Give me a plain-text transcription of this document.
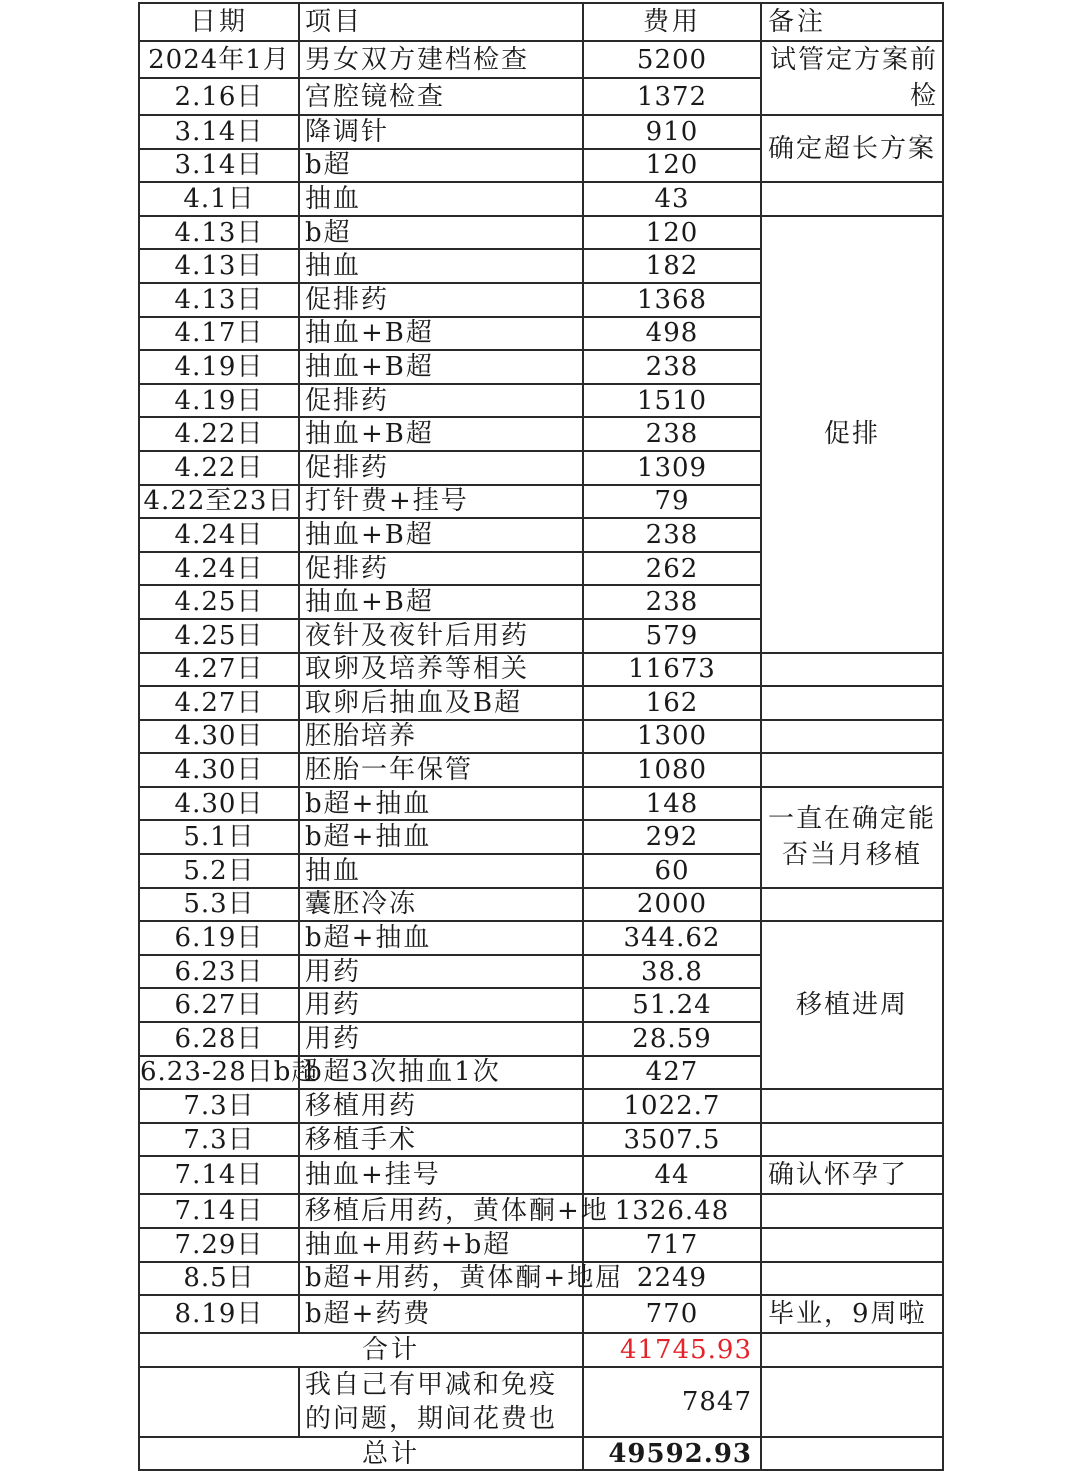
日期	项目	费用	备注
2024年1月	男女双方建档检查	5200	试管定方案前检
2.16日	宫腔镜检查	1372	
3.14日	降调针	910	确定超长方案
3.14日	b超	120	
4.1日	抽血	43	
4.13日	b超	120	促排
4.13日	抽血	182	
4.13日	促排药	1368	
4.17日	抽血+B超	498	
4.19日	抽血+B超	238	
4.19日	促排药	1510	
4.22日	抽血+B超	238	
4.22日	促排药	1309	
4.22至23日	打针费+挂号	79	
4.24日	抽血+B超	238	
4.24日	促排药	262	
4.25日	抽血+B超	238	
4.25日	夜针及夜针后用药	579	
4.27日	取卵及培养等相关	11673	
4.27日	取卵后抽血及B超	162	
4.30日	胚胎培养	1300	
4.30日	胚胎一年保管	1080	
4.30日	b超+抽血	148	一直在确定能否当月移植
5.1日	b超+抽血	292	
5.2日	抽血	60	
5.3日	囊胚冷冻	2000	
6.19日	b超+抽血	344.62	移植进周
6.23日	用药	38.8	
6.27日	用药	51.24	
6.28日	用药	28.59	
6.23-28日b超	b超3次抽血1次	427	
7.3日	移植用药	1022.7	
7.3日	移植手术	3507.5	
7.14日	抽血+挂号	44	确认怀孕了
7.14日	移植后用药，黄体酮+地	1326.48	
7.29日	抽血+用药+b超	717	
8.5日	b超+用药，黄体酮+地屈	2249	
8.19日	b超+药费	770	毕业，9周啦
合计		41745.93	
	我自己有甲减和免疫的问题，期间花费也	7847	
总计		49592.93	
